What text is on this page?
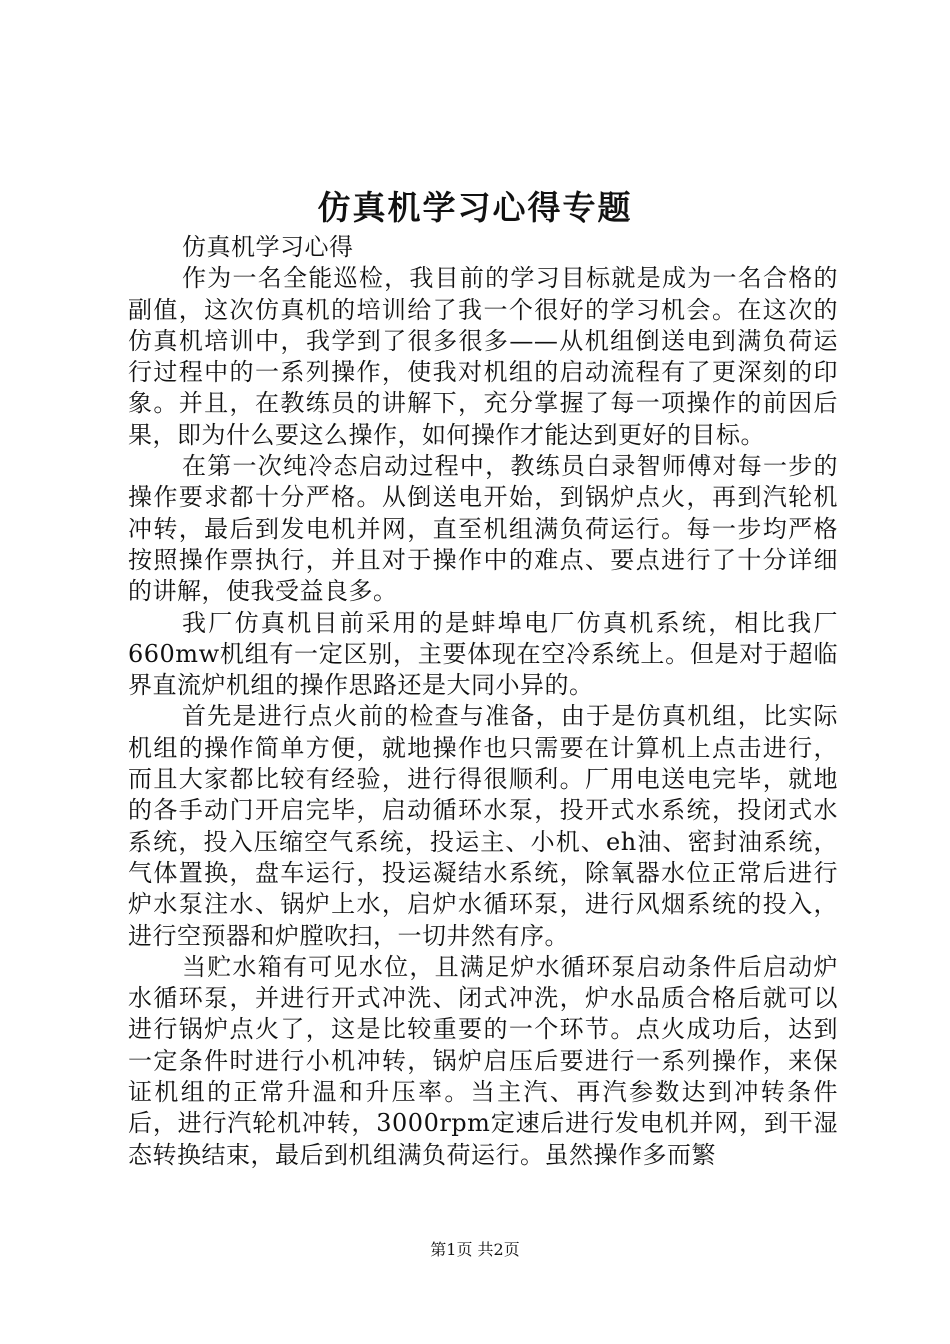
仿真机学习心得专题

仿真机学习心得

作为一名全能巡检，我目前的学习目标就是成为一名合格的副值，这次仿真机的培训给了我一个很好的学习机会。在这次的仿真机培训中，我学到了很多很多——从机组倒送电到满负荷运行过程中的一系列操作，使我对机组的启动流程有了更深刻的印象。并且，在教练员的讲解下，充分掌握了每一项操作的前因后果，即为什么要这么操作，如何操作才能达到更好的目标。

在第一次纯冷态启动过程中，教练员白录智师傅对每一步的操作要求都十分严格。从倒送电开始，到锅炉点火，再到汽轮机冲转，最后到发电机并网，直至机组满负荷运行。每一步均严格按照操作票执行，并且对于操作中的难点、要点进行了十分详细的讲解，使我受益良多。

我厂仿真机目前采用的是蚌埠电厂仿真机系统，相比我厂660mw机组有一定区别，主要体现在空冷系统上。但是对于超临界直流炉机组的操作思路还是大同小异的。

首先是进行点火前的检查与准备，由于是仿真机组，比实际机组的操作简单方便，就地操作也只需要在计算机上点击进行，而且大家都比较有经验，进行得很顺利。厂用电送电完毕，就地的各手动门开启完毕，启动循环水泵，投开式水系统，投闭式水系统，投入压缩空气系统，投运主、小机、eh油、密封油系统，气体置换，盘车运行，投运凝结水系统，除氧器水位正常后进行炉水泵注水、锅炉上水，启炉水循环泵，进行风烟系统的投入，进行空预器和炉膛吹扫，一切井然有序。

当贮水箱有可见水位，且满足炉水循环泵启动条件后启动炉水循环泵，并进行开式冲洗、闭式冲洗，炉水品质合格后就可以进行锅炉点火了，这是比较重要的一个环节。点火成功后，达到一定条件时进行小机冲转，锅炉启压后要进行一系列操作，来保证机组的正常升温和升压率。当主汽、再汽参数达到冲转条件后，进行汽轮机冲转，3000rpm定速后进行发电机并网，到干湿态转换结束，最后到机组满负荷运行。虽然操作多而繁

第1页 共2页
